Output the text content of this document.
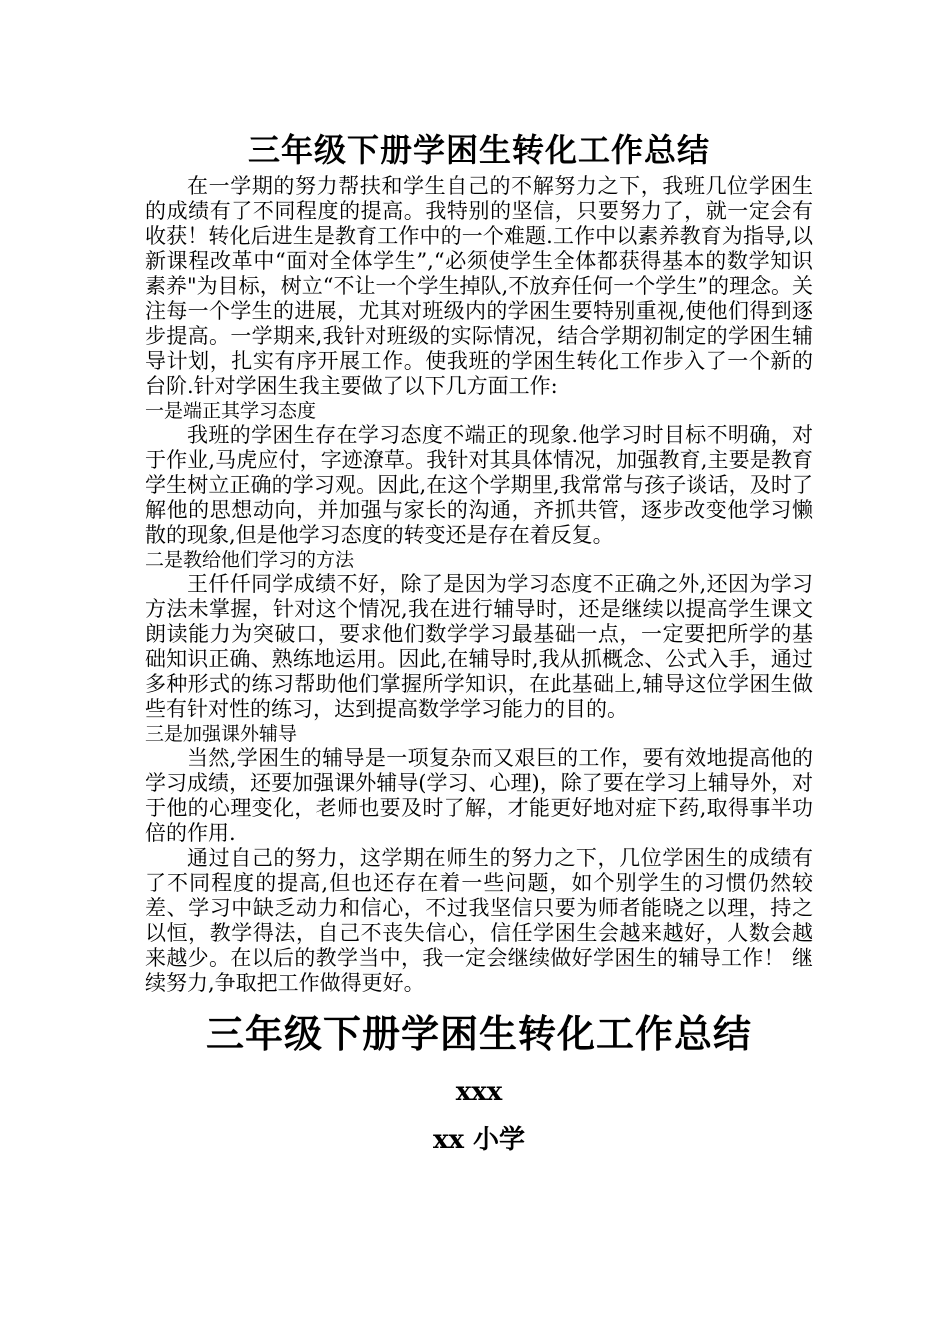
三年级下册学困生转化工作总结

在一学期的努力帮扶和学生自己的不解努力之下，我班几位学困生的成绩有了不同程度的提高。我特别的坚信，只要努力了，就一定会有收获！转化后进生是教育工作中的一个难题.工作中以素养教育为指导,以新课程改革中“面对全体学生”,“必须使学生全体都获得基本的数学知识素养"为目标，树立“不让一个学生掉队,不放弃任何一个学生”的理念。关注每一个学生的进展，尤其对班级内的学困生要特别重视,使他们得到逐步提高。一学期来,我针对班级的实际情况，结合学期初制定的学困生辅导计划，扎实有序开展工作。使我班的学困生转化工作步入了一个新的台阶.针对学困生我主要做了以下几方面工作:

一是端正其学习态度

我班的学困生存在学习态度不端正的现象.他学习时目标不明确，对于作业,马虎应付，字迹潦草。我针对其具体情况，加强教育,主要是教育学生树立正确的学习观。因此,在这个学期里,我常常与孩子谈话，及时了解他的思想动向，并加强与家长的沟通，齐抓共管，逐步改变他学习懒散的现象,但是他学习态度的转变还是存在着反复。

二是教给他们学习的方法

王仟仟同学成绩不好，除了是因为学习态度不正确之外,还因为学习方法未掌握，针对这个情况,我在进行辅导时，还是继续以提高学生课文朗读能力为突破口，要求他们数学学习最基础一点，一定要把所学的基础知识正确、熟练地运用。因此,在辅导时,我从抓概念、公式入手，通过多种形式的练习帮助他们掌握所学知识，在此基础上,辅导这位学困生做些有针对性的练习，达到提高数学学习能力的目的。

三是加强课外辅导

当然,学困生的辅导是一项复杂而又艰巨的工作，要有效地提高他的学习成绩，还要加强课外辅导(学习、心理)，除了要在学习上辅导外，对于他的心理变化，老师也要及时了解，才能更好地对症下药,取得事半功倍的作用.

通过自己的努力，这学期在师生的努力之下，几位学困生的成绩有了不同程度的提高,但也还存在着一些问题，如个别学生的习惯仍然较差、学习中缺乏动力和信心，不过我坚信只要为师者能晓之以理，持之以恒，教学得法，自己不丧失信心，信任学困生会越来越好，人数会越来越少。在以后的教学当中，我一定会继续做好学困生的辅导工作！ 继续努力,争取把工作做得更好。

三年级下册学困生转化工作总结
xxx
xx 小学
